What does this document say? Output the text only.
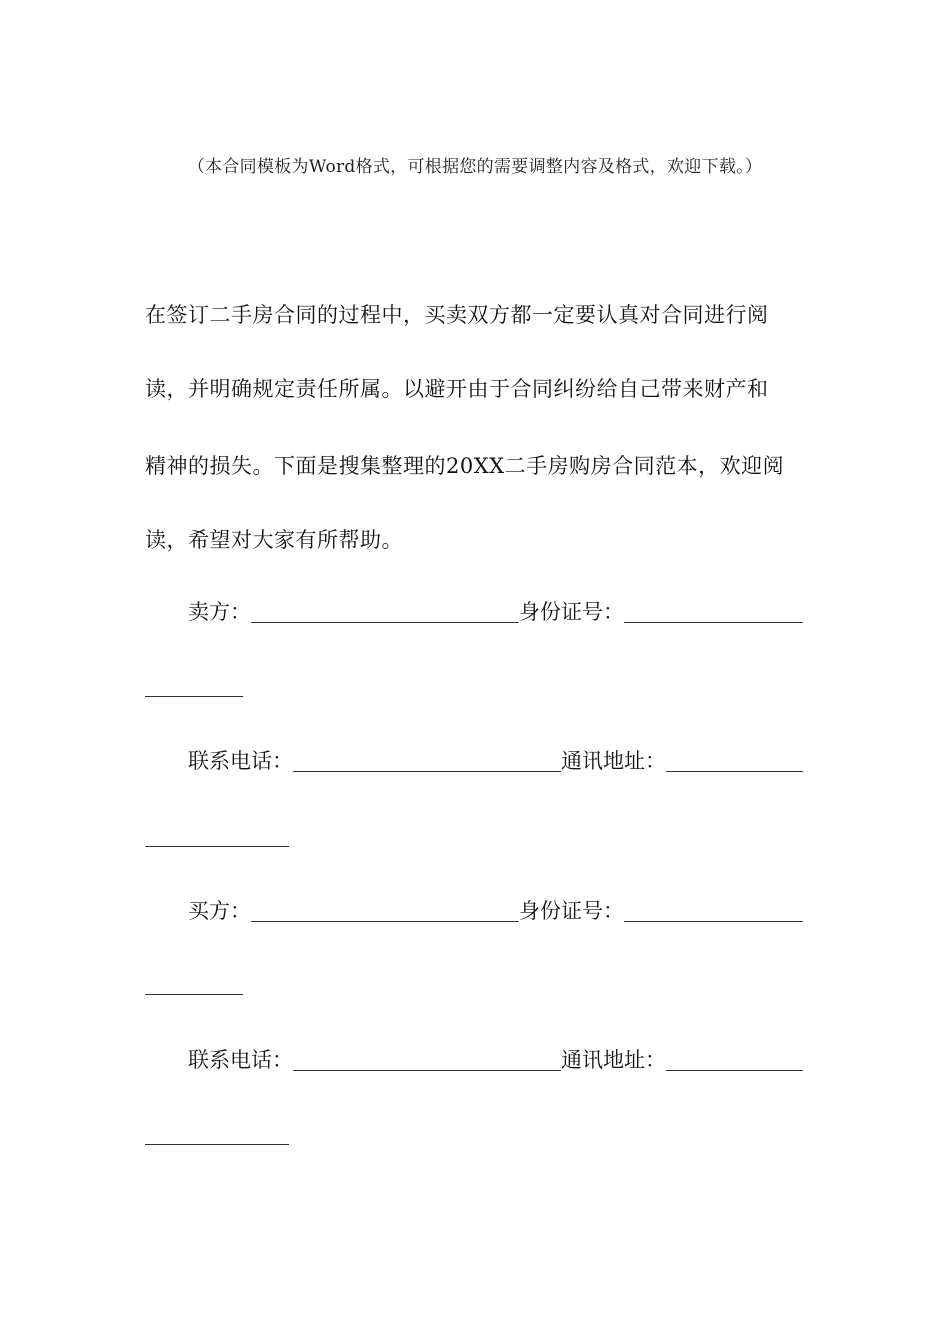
（本合同模板为Word格式，可根据您的需要调整内容及格式，欢迎下载。）
在签订二手房合同的过程中，买卖双方都一定要认真对合同进行阅
读，并明确规定责任所属。以避开由于合同纠纷给自己带来财产和
精神的损失。下面是搜集整理的20XX二手房购房合同范本，欢迎阅
读，希望对大家有所帮助。
卖方：	身份证号：
联系电话：	通讯地址：
买方：	身份证号：
联系电话：	通讯地址：
